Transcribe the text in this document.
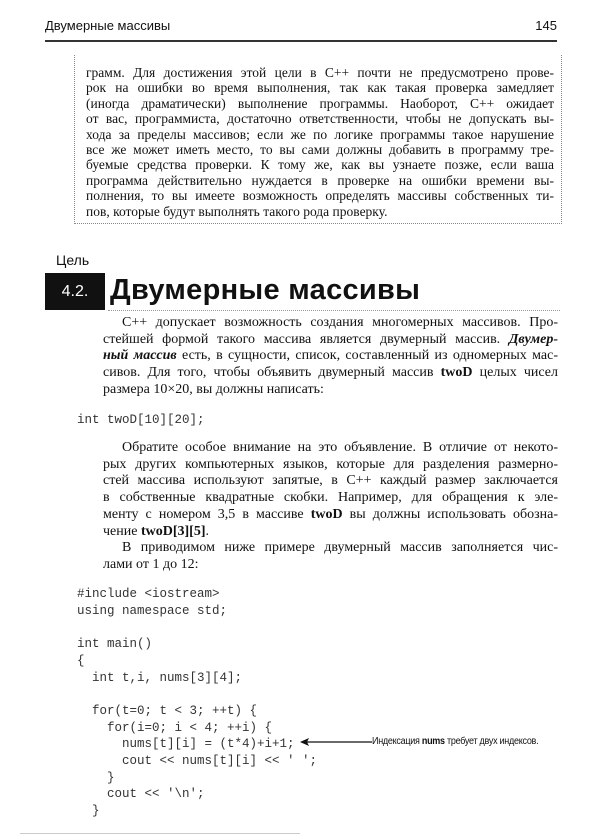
Двумерные массивы	145
грамм. Для достижения этой цели в C++ почти не предусмотрено прове-
рок на ошибки во время выполнения, так как такая проверка замедляет
(иногда драматически) выполнение программы. Наоборот, C++ ожидает
от вас, программиста, достаточно ответственности, чтобы не допускать вы-
хода за пределы массивов; если же по логике программы такое нарушение
все же может иметь место, то вы сами должны добавить в программу тре-
буемые средства проверки. К тому же, как вы узнаете позже, если ваша
программа действительно нуждается в проверке на ошибки времени вы-
полнения, то вы имеете возможность определять массивы собственных ти-
пов, которые будут выполнять такого рода проверку.
Цель
4.2. Двумерные массивы
C++ допускает возможность создания многомерных массивов. Про-
стейшей формой такого массива является двумерный массив. Двумер-
ный массив есть, в сущности, список, составленный из одномерных мас-
сивов. Для того, чтобы объявить двумерный массив twoD целых чисел
размера 10×20, вы должны написать:
int twoD[10][20];
Обратите особое внимание на это объявление. В отличие от некото-
рых других компьютерных языков, которые для разделения размерно-
стей массива используют запятые, в C++ каждый размер заключается
в собственные квадратные скобки. Например, для обращения к эле-
менту с номером 3,5 в массиве twoD вы должны использовать обозна-
чение twoD[3][5].
В приводимом ниже примере двумерный массив заполняется чис-
лами от 1 до 12:
#include <iostream>
using namespace std;

int main()
{
int t,i, nums[3][4];

for(t=0; t < 3; ++t) {
for(i=0; i < 4; ++i) {
nums[t][i] = (t*4)+i+1;
cout << nums[t][i] << ' ';
}
cout << '\n';
}
Индексация nums требует двух индексов.
